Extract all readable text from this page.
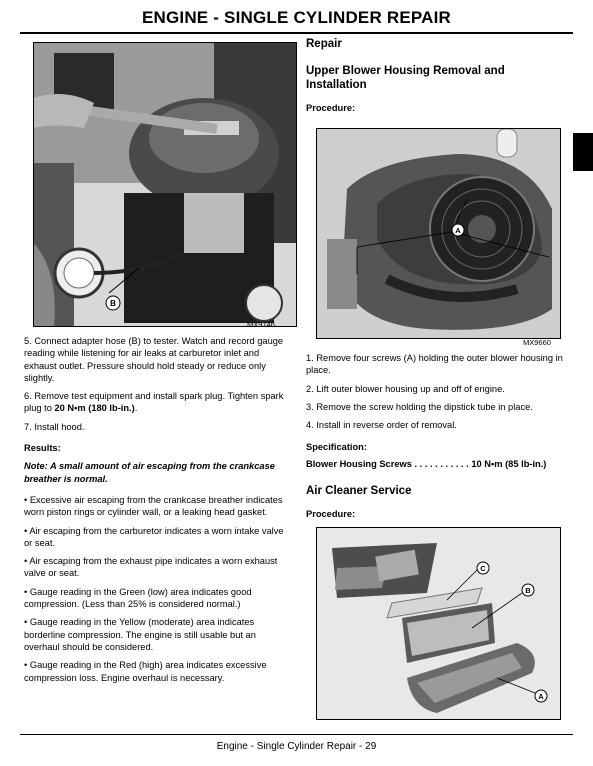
ENGINE - SINGLE CYLINDER REPAIR
B
MX9746

5. Connect adapter hose (B) to tester. Watch and record gauge reading while listening for air leaks at carburetor inlet and exhaust outlet. Pressure should hold steady or reduce only slightly.

6. Remove test equipment and install spark plug. Tighten spark plug to 20 N•m (180 lb-in.).

7. Install hood.

Results:

Note: A small amount of air escaping from the crankcase breather is normal.

• Excessive air escaping from the crankcase breather indicates worn piston rings or cylinder wall, or a leaking head gasket.

• Air escaping from the carburetor indicates a worn intake valve or seat.

• Air escaping from the exhaust pipe indicates a worn exhaust valve or seat.

• Gauge reading in the Green (low) area indicates good compression. (Less than 25% is considered normal.)

• Gauge reading in the Yellow (moderate) area indicates borderline compression. The engine is still usable but an overhaul should be considered.

• Gauge reading in the Red (high) area indicates excessive compression loss. Engine overhaul is necessary.

Repair
Upper Blower Housing Removal and Installation
Procedure:
A
MX9660

1. Remove four screws (A) holding the outer blower housing in place.

2. Lift outer blower housing up and off of engine.

3. Remove the screw holding the dipstick tube in place.

4. Install in reverse order of removal.

Specification:

Blower Housing Screws . . . . . . . . . . . 10 N•m (85 lb-in.)

Air Cleaner Service
Procedure:
C
B
A
Engine - Single Cylinder Repair - 29
